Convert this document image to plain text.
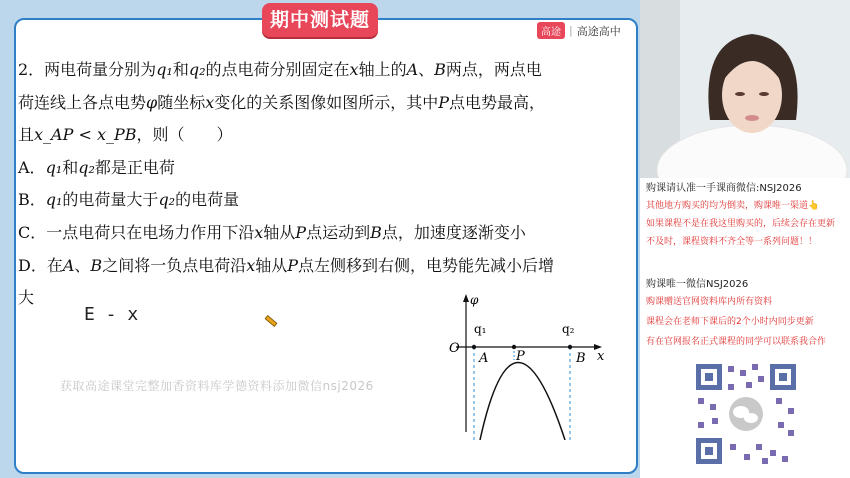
期中测试题
高途 | 高途高中
2．两电荷量分别为q₁和q₂的点电荷分别固定在x轴上的A、B两点，两点电
荷连线上各点电势φ随坐标x变化的关系图像如图所示，其中P点电势最高，
且x_AP < x_PB，则（　　）
A．q₁和q₂都是正电荷
B．q₁的电荷量大于q₂的电荷量
C．一点电荷只在电场力作用下沿x轴从P点运动到B点，加速度逐渐变小
D．在A、B之间将一负点电荷沿x轴从P点左侧移到右侧，电势能先减小后增
大
E - x
获取高途课堂完整加香资料库学德资料添加微信nsj2026
φ
O
q₁	q₂
A P	B x
购课请认准一手课商微信:NSJ2026
其他地方购买的均为倒卖，购课唯一渠道👆
如果课程不是在我这里购买的，后续会存在更新
不及时，课程资料不齐全等一系列问题！！
购课唯一微信NSJ2026
购课赠送官网资料库内所有资料
课程会在老师下课后的2个小时内同步更新
有在官网报名正式课程的同学可以联系我合作
